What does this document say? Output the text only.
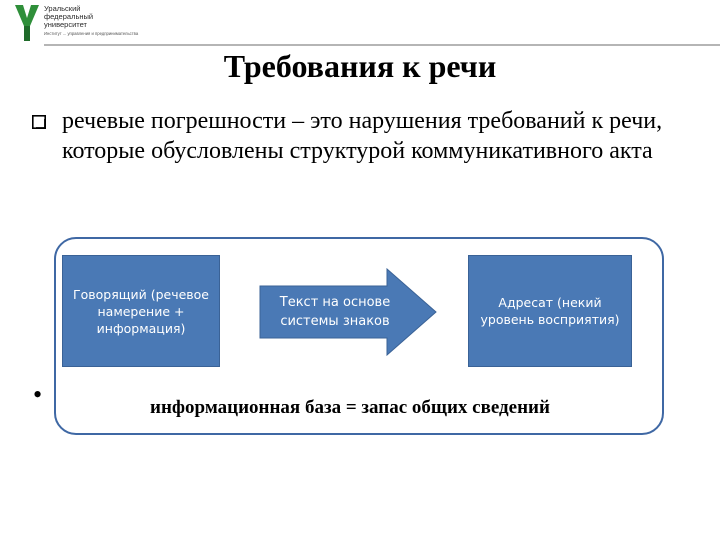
Уральский
федеральный
университет
Институт ... управления и предпринимательства
Требования к речи
речевые погрешности – это нарушения требований к речи, которые обусловлены структурой коммуникативного акта
Говорящий (речевое намерение + информация)
Текст на основе системы знаков
Адресат (некий уровень восприятия)
•	информационная база = запас общих сведений
